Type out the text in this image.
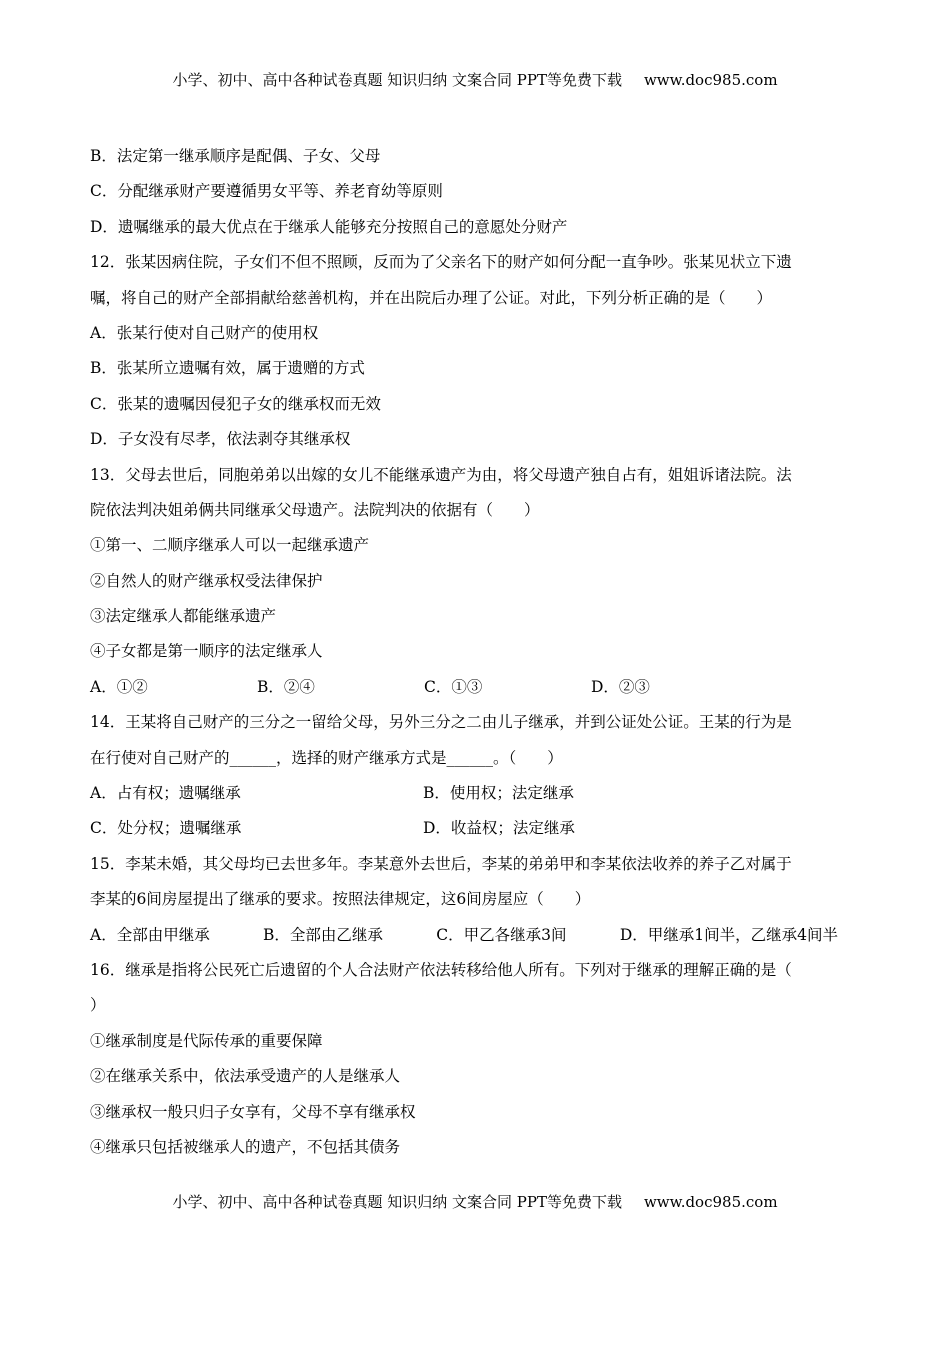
小学、初中、高中各种试卷真题 知识归纳 文案合同 PPT等免费下载 www.doc985.com
B．法定第一继承顺序是配偶、子女、父母
C．分配继承财产要遵循男女平等、养老育幼等原则
D．遗嘱继承的最大优点在于继承人能够充分按照自己的意愿处分财产
12．张某因病住院，子女们不但不照顾，反而为了父亲名下的财产如何分配一直争吵。张某见状立下遗
嘱，将自己的财产全部捐献给慈善机构，并在出院后办理了公证。对此，下列分析正确的是（　　）
A．张某行使对自己财产的使用权
B．张某所立遗嘱有效，属于遗赠的方式
C．张某的遗嘱因侵犯子女的继承权而无效
D．子女没有尽孝，依法剥夺其继承权
13．父母去世后，同胞弟弟以出嫁的女儿不能继承遗产为由，将父母遗产独自占有，姐姐诉诸法院。法
院依法判决姐弟俩共同继承父母遗产。法院判决的依据有（　　）
①第一、二顺序继承人可以一起继承遗产
②自然人的财产继承权受法律保护
③法定继承人都能继承遗产
④子女都是第一顺序的法定继承人
A．①②	B．②④	C．①③	D．②③
14．王某将自己财产的三分之一留给父母，另外三分之二由儿子继承，并到公证处公证。王某的行为是
在行使对自己财产的______，选择的财产继承方式是______。（　　）
A．占有权；遗嘱继承	B．使用权；法定继承
C．处分权；遗嘱继承	D．收益权；法定继承
15．李某未婚，其父母均已去世多年。李某意外去世后，李某的弟弟甲和李某依法收养的养子乙对属于
李某的6间房屋提出了继承的要求。按照法律规定，这6间房屋应（　　）
A．全部由甲继承	B．全部由乙继承	C．甲乙各继承3间	D．甲继承1间半，乙继承4间半
16．继承是指将公民死亡后遗留的个人合法财产依法转移给他人所有。下列对于继承的理解正确的是（
）
①继承制度是代际传承的重要保障
②在继承关系中，依法承受遗产的人是继承人
③继承权一般只归子女享有，父母不享有继承权
④继承只包括被继承人的遗产，不包括其债务
小学、初中、高中各种试卷真题 知识归纳 文案合同 PPT等免费下载 www.doc985.com
